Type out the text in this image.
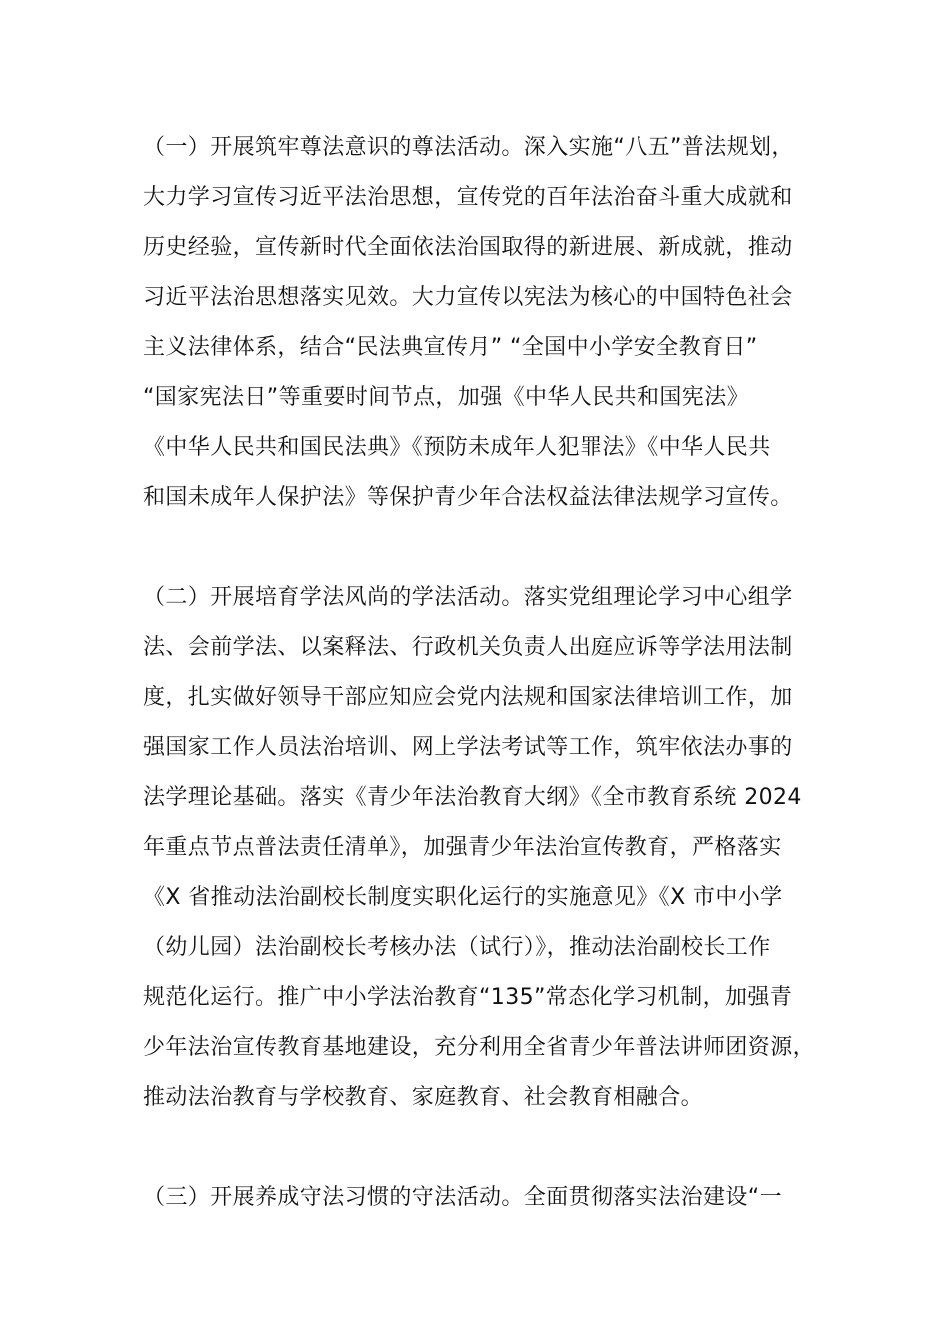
（一）开展筑牢尊法意识的尊法活动。深入实施“八五”普法规划，
大力学习宣传习近平法治思想，宣传党的百年法治奋斗重大成就和
历史经验，宣传新时代全面依法治国取得的新进展、新成就，推动
习近平法治思想落实见效。大力宣传以宪法为核心的中国特色社会
主义法律体系，结合“民法典宣传月” “全国中小学安全教育日”
“国家宪法日”等重要时间节点，加强《中华人民共和国宪法》
《中华人民共和国民法典》《预防未成年人犯罪法》《中华人民共
和国未成年人保护法》等保护青少年合法权益法律法规学习宣传。
（二）开展培育学法风尚的学法活动。落实党组理论学习中心组学
法、会前学法、以案释法、行政机关负责人出庭应诉等学法用法制
度，扎实做好领导干部应知应会党内法规和国家法律培训工作，加
强国家工作人员法治培训、网上学法考试等工作，筑牢依法办事的
法学理论基础。落实《青少年法治教育大纲》《全市教育系统 2024
年重点节点普法责任清单》，加强青少年法治宣传教育，严格落实
《X 省推动法治副校长制度实职化运行的实施意见》《X 市中小学
（幼儿园）法治副校长考核办法（试行）》，推动法治副校长工作
规范化运行。推广中小学法治教育“135”常态化学习机制，加强青
少年法治宣传教育基地建设，充分利用全省青少年普法讲师团资源，
推动法治教育与学校教育、家庭教育、社会教育相融合。
（三）开展养成守法习惯的守法活动。全面贯彻落实法治建设“一
